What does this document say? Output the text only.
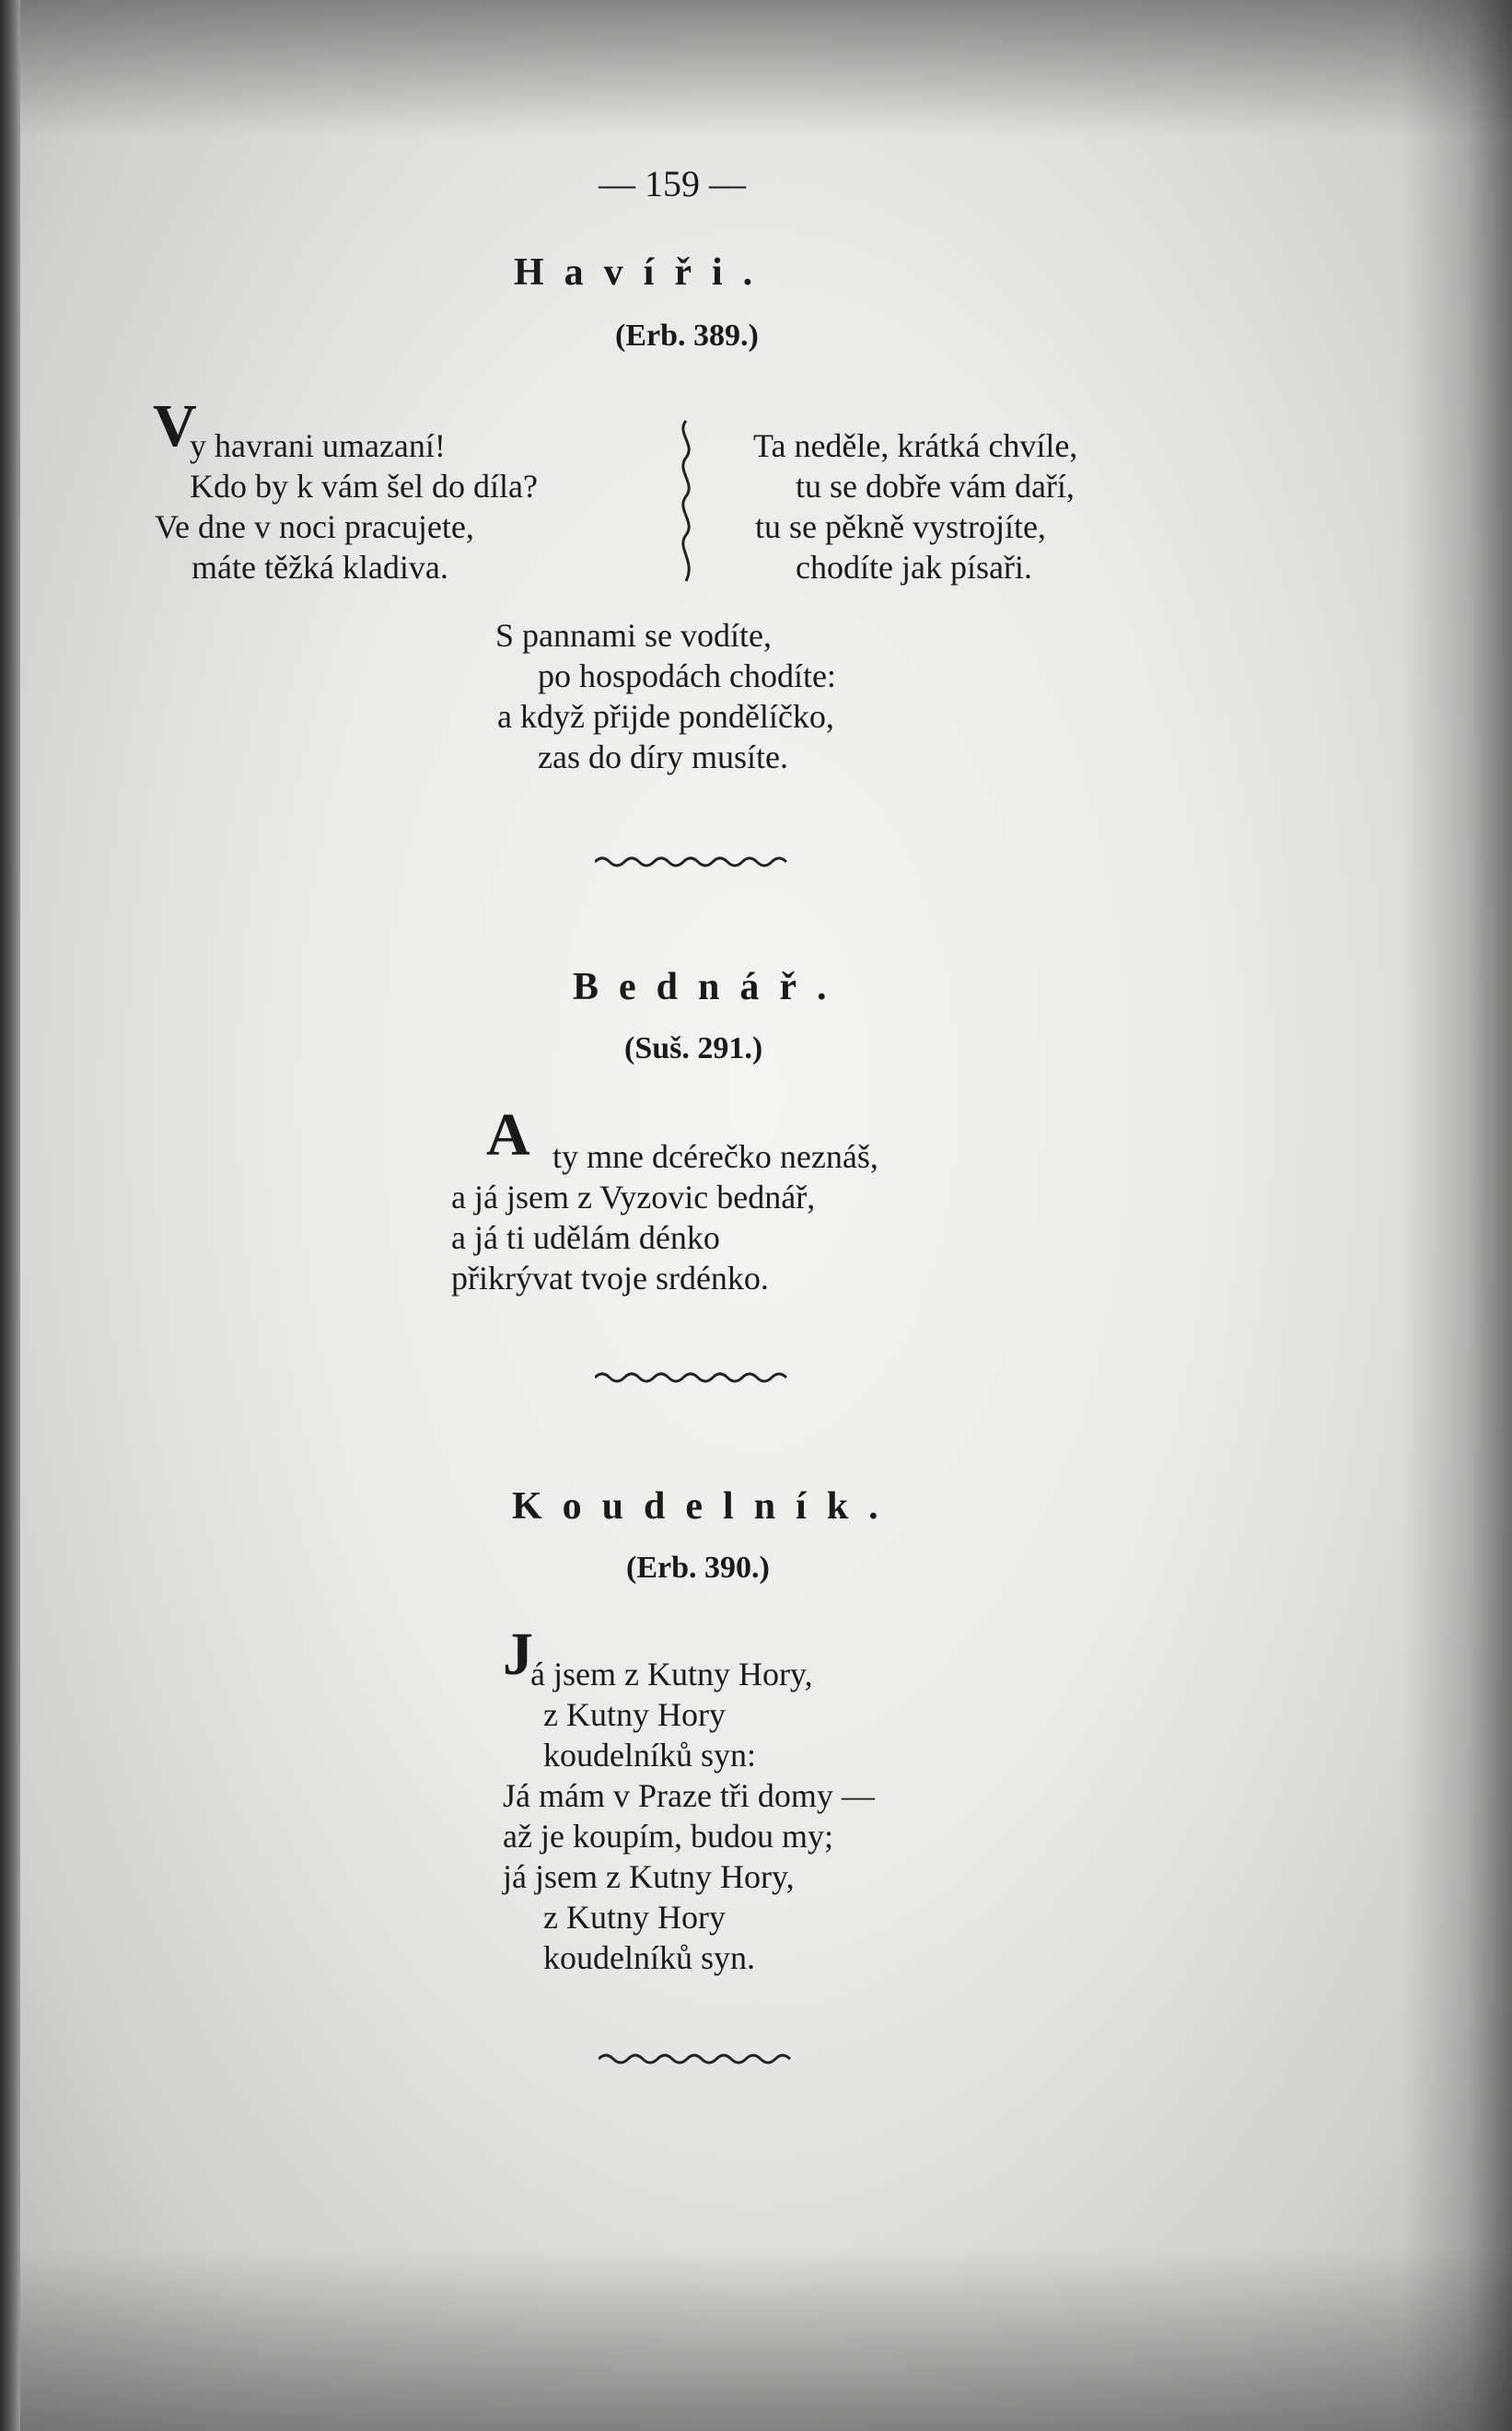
— 159 —

Havíři.

(Erb. 389.)

V

y havrani umazaní!

Kdo by k vám šel do díla?

Ve dne v noci pracujete,

máte těžká kladiva.

Ta neděle, krátká chvíle,

tu se dobře vám daří,

tu se pěkně vystrojíte,

chodíte jak písaři.

S pannami se vodíte,

po hospodách chodíte:

a když přijde pondělíčko,

zas do díry musíte.

Bednář.

(Suš. 291.)

A ty mne dcérečko neznáš,

a já jsem z Vyzovic bednář,

a já ti udělám dénko

přikrývat tvoje srdénko.

Koudelník.

(Erb. 390.)

J

á jsem z Kutny Hory,

z Kutny Hory

koudelníků syn:

Já mám v Praze tři domy —

až je koupím, budou my;

já jsem z Kutny Hory,

z Kutny Hory

koudelníků syn.
